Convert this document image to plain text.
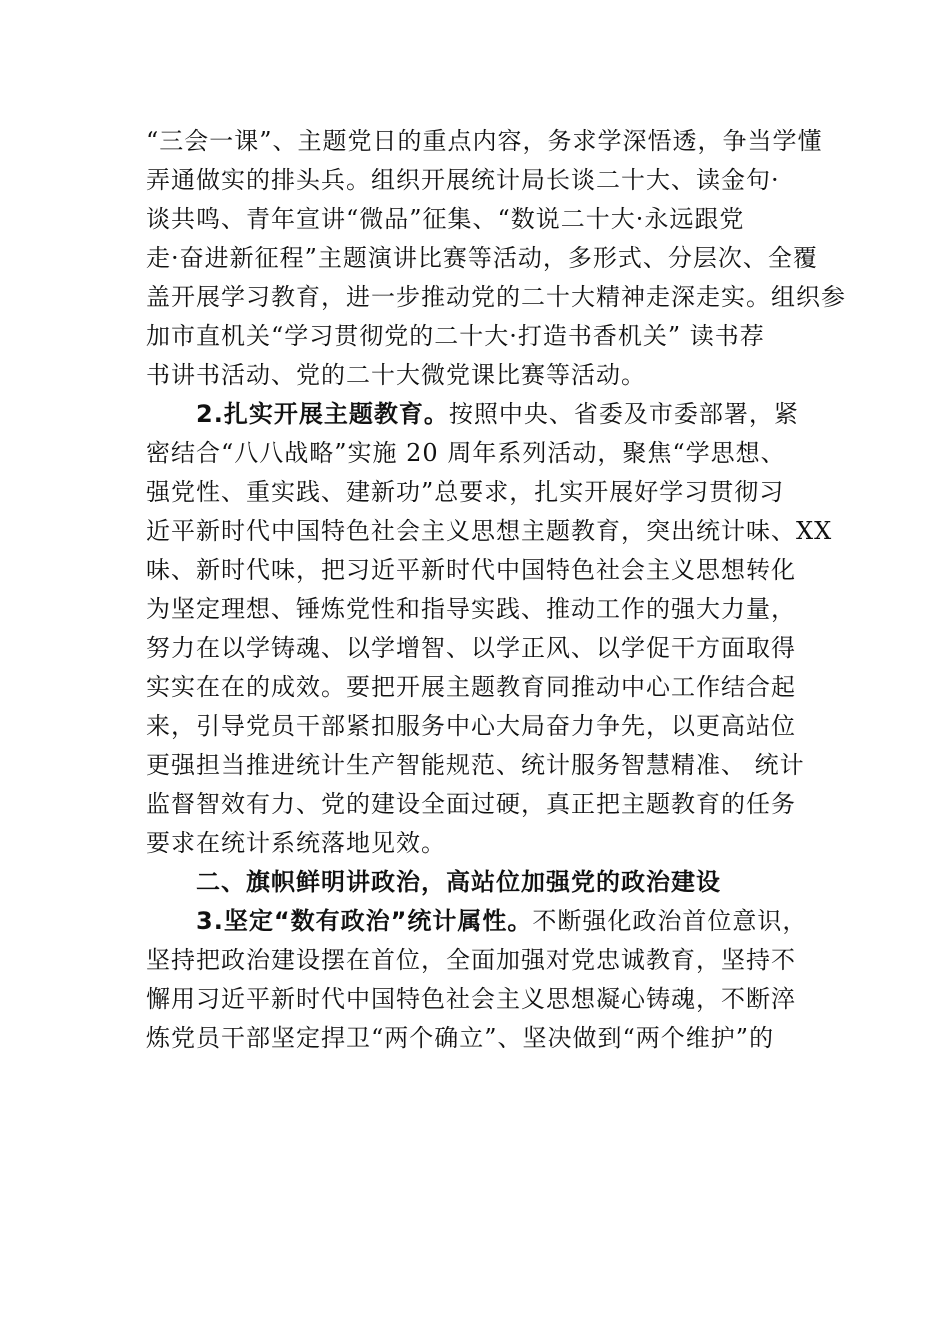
“三会一课”、主题党日的重点内容，务求学深悟透，争当学懂
弄通做实的排头兵。组织开展统计局长谈二十大、读金句·
谈共鸣、青年宣讲“微品”征集、“数说二十大·永远跟党
走·奋进新征程”主题演讲比赛等活动，多形式、分层次、全覆
盖开展学习教育，进一步推动党的二十大精神走深走实。组织参
加市直机关“学习贯彻党的二十大·打造书香机关” 读书荐
书讲书活动、党的二十大微党课比赛等活动。
2.扎实开展主题教育。按照中央、省委及市委部署，紧
密结合“八八战略”实施 20 周年系列活动，聚焦“学思想、
强党性、重实践、建新功”总要求，扎实开展好学习贯彻习
近平新时代中国特色社会主义思想主题教育，突出统计味、XX
味、新时代味，把习近平新时代中国特色社会主义思想转化
为坚定理想、锤炼党性和指导实践、推动工作的强大力量，
努力在以学铸魂、以学增智、以学正风、以学促干方面取得
实实在在的成效。要把开展主题教育同推动中心工作结合起
来，引导党员干部紧扣服务中心大局奋力争先，以更高站位
更强担当推进统计生产智能规范、统计服务智慧精准、 统计
监督智效有力、党的建设全面过硬，真正把主题教育的任务
要求在统计系统落地见效。
二、旗帜鲜明讲政治，高站位加强党的政治建设
3.坚定“数有政治”统计属性。不断强化政治首位意识，
坚持把政治建设摆在首位，全面加强对党忠诚教育，坚持不
懈用习近平新时代中国特色社会主义思想凝心铸魂，不断淬
炼党员干部坚定捍卫“两个确立”、坚决做到“两个维护”的
